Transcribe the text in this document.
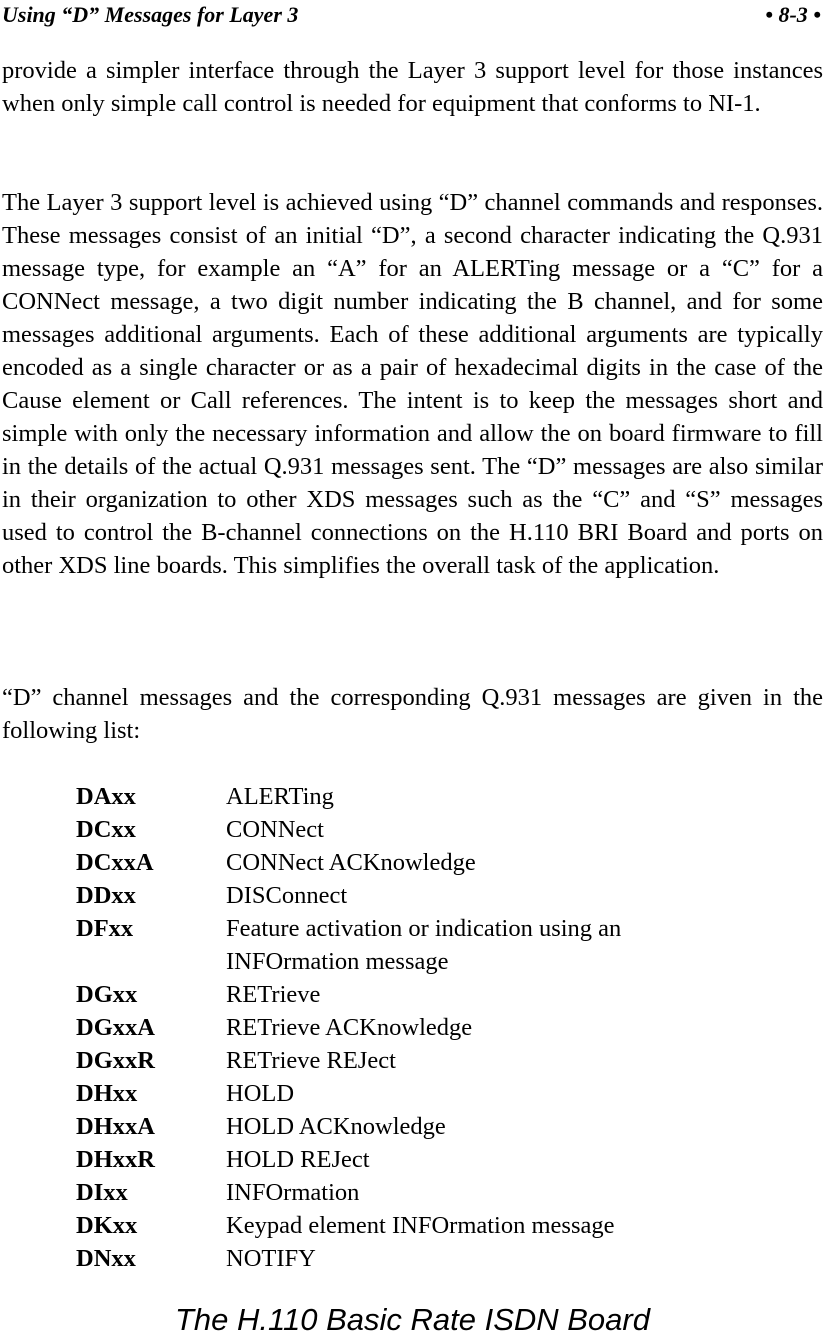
Using “D” Messages for Layer 3	• 8-3 •

provide a simpler interface through the Layer 3 support level for those instances when only simple call control is needed for equipment that conforms to NI-1.

The Layer 3 support level is achieved using “D” channel commands and responses. These messages consist of an initial “D”, a second character indicating the Q.931 message type, for example an “A” for an ALERTing message or a “C” for a CONNect message, a two digit number indicating the B channel, and for some messages additional arguments. Each of these additional arguments are typically encoded as a single character or as a pair of hexadecimal digits in the case of the Cause element or Call references. The intent is to keep the messages short and simple with only the necessary information and allow the on board firmware to fill in the details of the actual Q.931 messages sent. The “D” messages are also similar in their organization to other XDS messages such as the “C” and “S” messages used to control the B-channel connections on the H.110 BRI Board and ports on other XDS line boards. This simplifies the overall task of the application.

“D” channel messages and the corresponding Q.931 messages are given in the following list:

DAxx	ALERTing
DCxx	CONNect
DCxxA	CONNect ACKnowledge
DDxx	DISConnect
DFxx	Feature activation or indication using an INFOrmation message
DGxx	RETrieve
DGxxA	RETrieve ACKnowledge
DGxxR	RETrieve REJect
DHxx	HOLD
DHxxA	HOLD ACKnowledge
DHxxR	HOLD REJect
DIxx	INFOrmation
DKxx	Keypad element INFOrmation message
DNxx	NOTIFY
The H.110 Basic Rate ISDN Board
